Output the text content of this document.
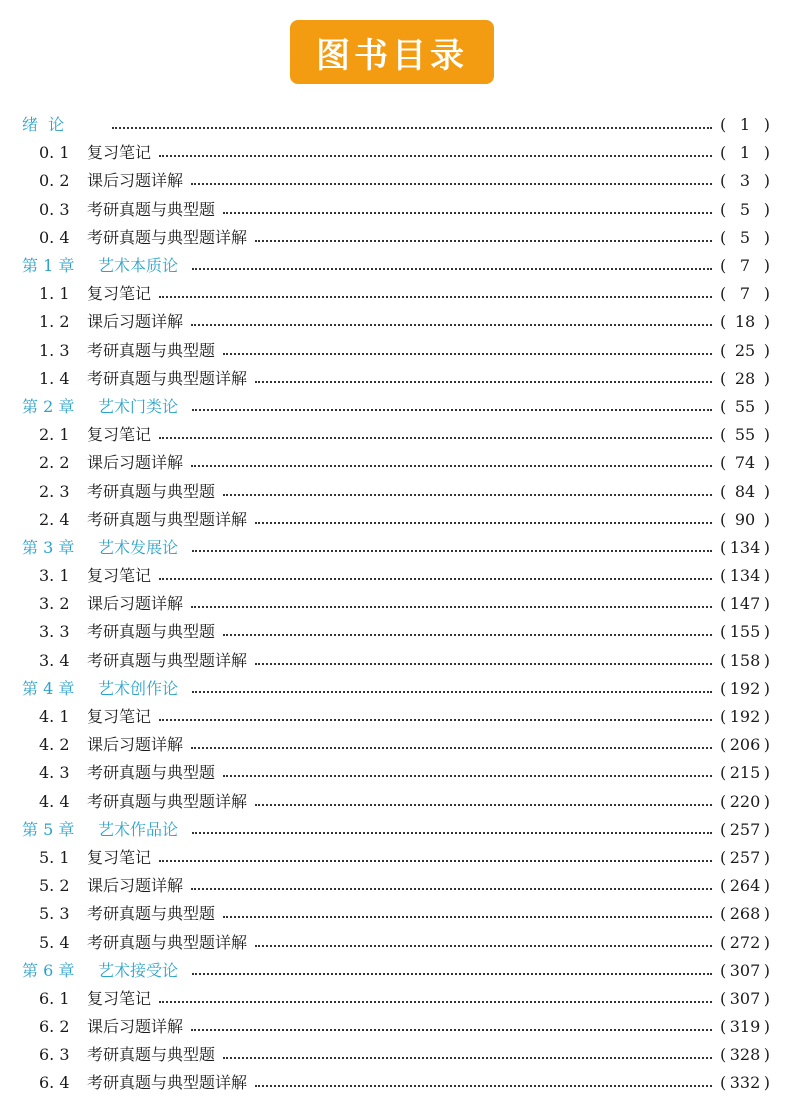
图书目录
绪  论	( 1 )
0. 1	复习笔记	( 1 )
0. 2	课后习题详解	( 3 )
0. 3	考研真题与典型题	( 5 )
0. 4	考研真题与典型题详解	( 5 )
第 1 章	艺术本质论	( 7 )
1. 1	复习笔记	( 7 )
1. 2	课后习题详解	( 18 )
1. 3	考研真题与典型题	( 25 )
1. 4	考研真题与典型题详解	( 28 )
第 2 章	艺术门类论	( 55 )
2. 1	复习笔记	( 55 )
2. 2	课后习题详解	( 74 )
2. 3	考研真题与典型题	( 84 )
2. 4	考研真题与典型题详解	( 90 )
第 3 章	艺术发展论	( 134 )
3. 1	复习笔记	( 134 )
3. 2	课后习题详解	( 147 )
3. 3	考研真题与典型题	( 155 )
3. 4	考研真题与典型题详解	( 158 )
第 4 章	艺术创作论	( 192 )
4. 1	复习笔记	( 192 )
4. 2	课后习题详解	( 206 )
4. 3	考研真题与典型题	( 215 )
4. 4	考研真题与典型题详解	( 220 )
第 5 章	艺术作品论	( 257 )
5. 1	复习笔记	( 257 )
5. 2	课后习题详解	( 264 )
5. 3	考研真题与典型题	( 268 )
5. 4	考研真题与典型题详解	( 272 )
第 6 章	艺术接受论	( 307 )
6. 1	复习笔记	( 307 )
6. 2	课后习题详解	( 319 )
6. 3	考研真题与典型题	( 328 )
6. 4	考研真题与典型题详解	( 332 )
